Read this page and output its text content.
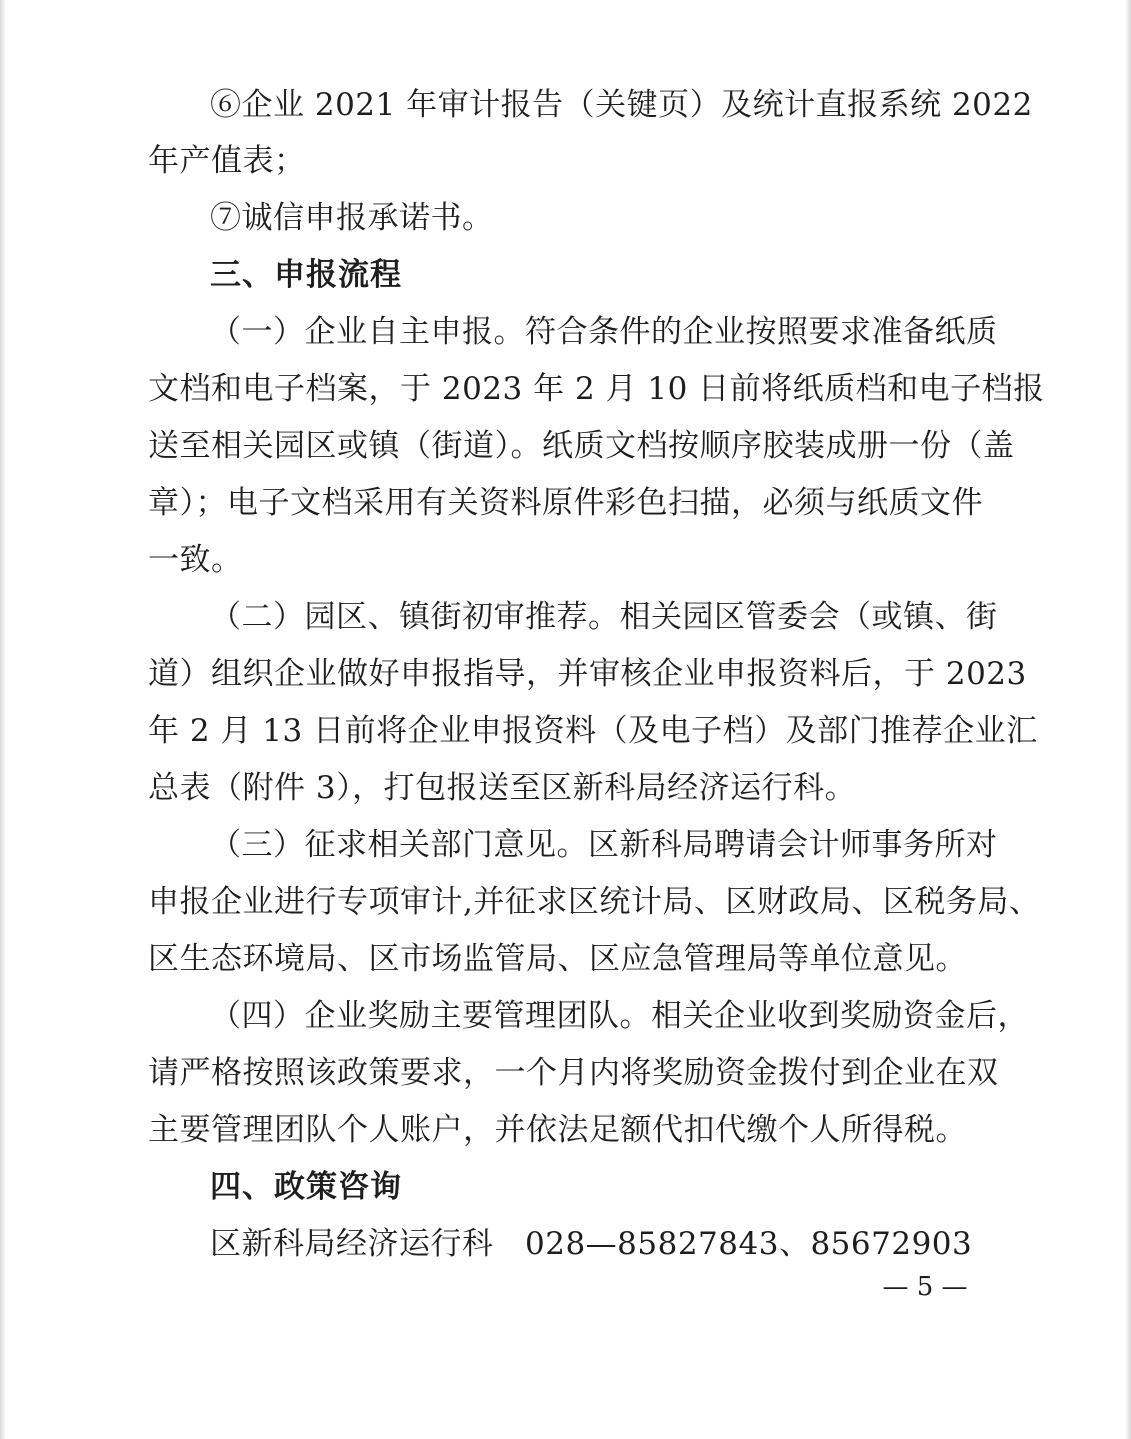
⑥企业 2021 年审计报告（关键页）及统计直报系统 2022
年产值表；
⑦诚信申报承诺书。
三、申报流程
（一）企业自主申报。符合条件的企业按照要求准备纸质
文档和电子档案，于 2023 年 2 月 10 日前将纸质档和电子档报
送至相关园区或镇（街道）。纸质文档按顺序胶装成册一份（盖
章）；电子文档采用有关资料原件彩色扫描，必须与纸质文件
一致。
（二）园区、镇街初审推荐。相关园区管委会（或镇、街
道）组织企业做好申报指导，并审核企业申报资料后，于 2023
年 2 月 13 日前将企业申报资料（及电子档）及部门推荐企业汇
总表（附件 3），打包报送至区新科局经济运行科。
（三）征求相关部门意见。区新科局聘请会计师事务所对
申报企业进行专项审计,并征求区统计局、区财政局、区税务局、
区生态环境局、区市场监管局、区应急管理局等单位意见。
（四）企业奖励主要管理团队。相关企业收到奖励资金后，
请严格按照该政策要求，一个月内将奖励资金拨付到企业在双
主要管理团队个人账户，并依法足额代扣代缴个人所得税。
四、政策咨询
区新科局经济运行科　028—85827843、85672903
— 5 —
